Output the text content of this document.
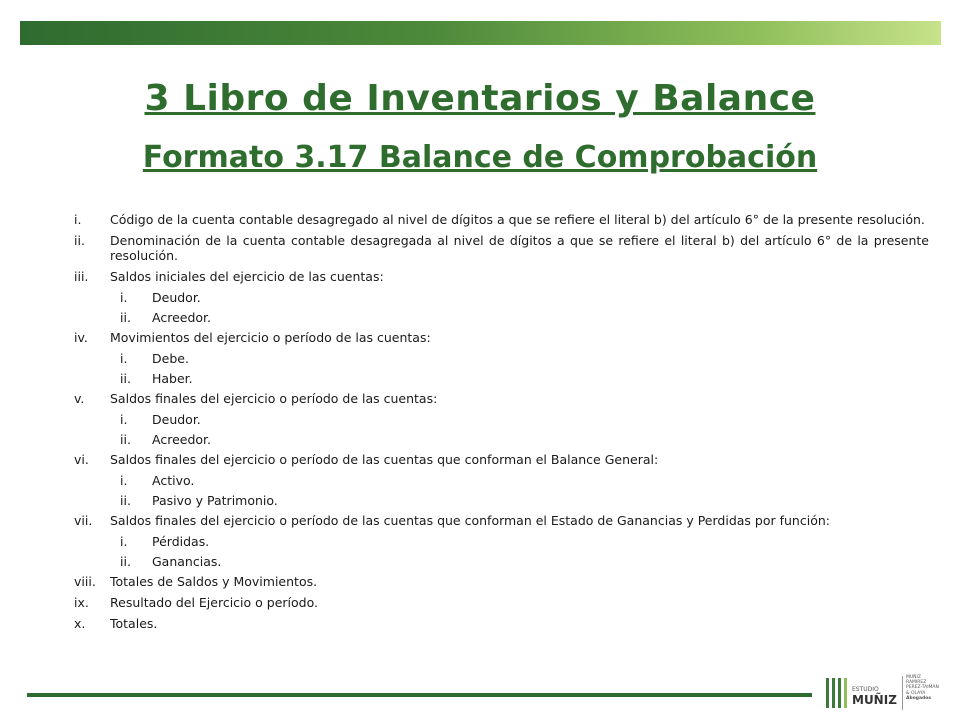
3 Libro de Inventarios y Balance
Formato 3.17 Balance de Comprobación
i.	Código de la cuenta contable desagregado al nivel de dígitos a que se refiere el literal b) del artículo 6° de la presente resolución.
ii.	Denominación de la cuenta contable desagregada al nivel de dígitos a que se refiere el literal b) del artículo 6° de la presente resolución.
iii.	Saldos iniciales del ejercicio de las cuentas:
i.	Deudor.
ii.	Acreedor.
iv.	Movimientos del ejercicio o período de las cuentas:
i.	Debe.
ii.	Haber.
v.	Saldos finales del ejercicio o período de las cuentas:
i.	Deudor.
ii.	Acreedor.
vi.	Saldos finales del ejercicio o período de las cuentas que conforman el Balance General:
i.	Activo.
ii.	Pasivo y Patrimonio.
vii.	Saldos finales del ejercicio o período de las cuentas que conforman el Estado de Ganancias y Perdidas por función:
i.	Pérdidas.
ii.	Ganancias.
viii.	Totales de Saldos y Movimientos.
ix.	Resultado del Ejercicio o período.
x.	Totales.
ESTUDIO
MUÑIZ
MUÑIZ
RAMIREZ
PEREZ-TAIMAN
& OLAYA
Abogados
